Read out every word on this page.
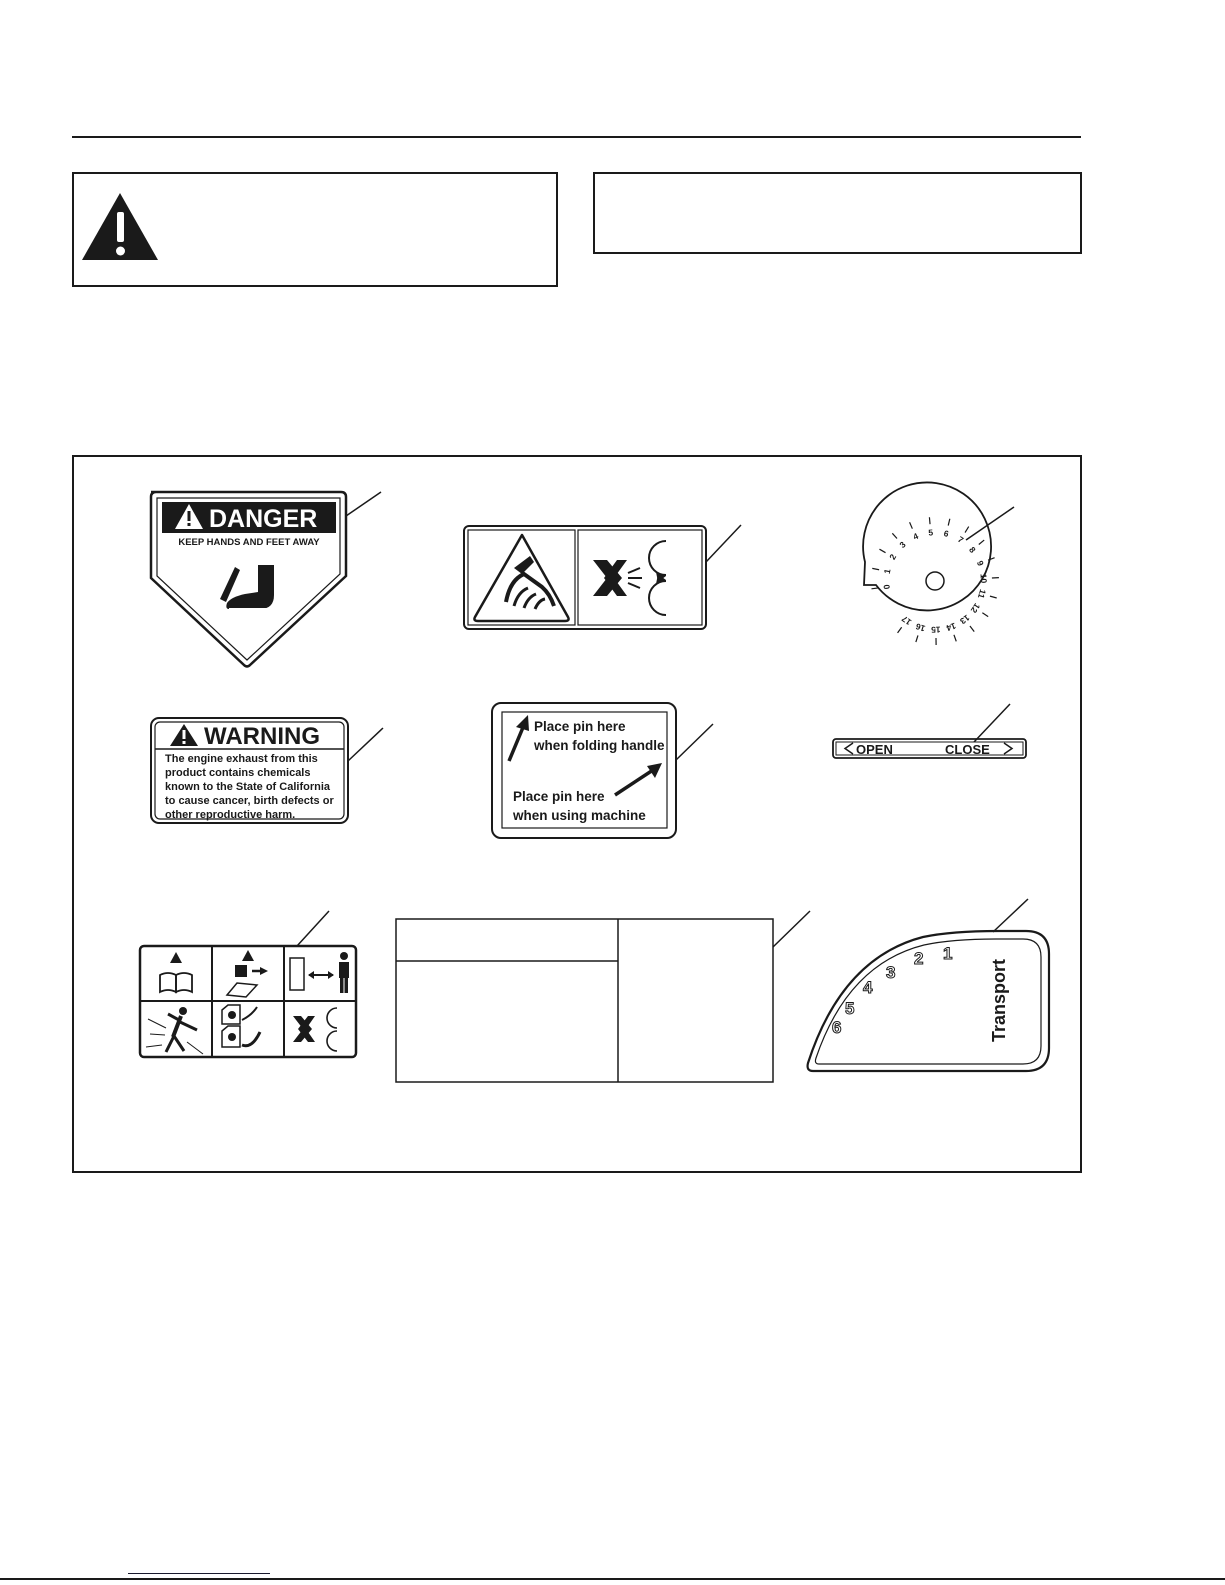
DANGER
KEEP HANDS AND FEET AWAY
0
1
2
3
4 5 6
7
8
9
10
11
12
13
14
15
16
17
WARNING
The engine exhaust from this
product contains chemicals
known to the State of California
to cause cancer, birth defects or
other reproductive harm.
Place pin here
when folding handle
Place pin here
when using machine
OPEN	CLOSE
1
2
3
4
5
6	Transport
